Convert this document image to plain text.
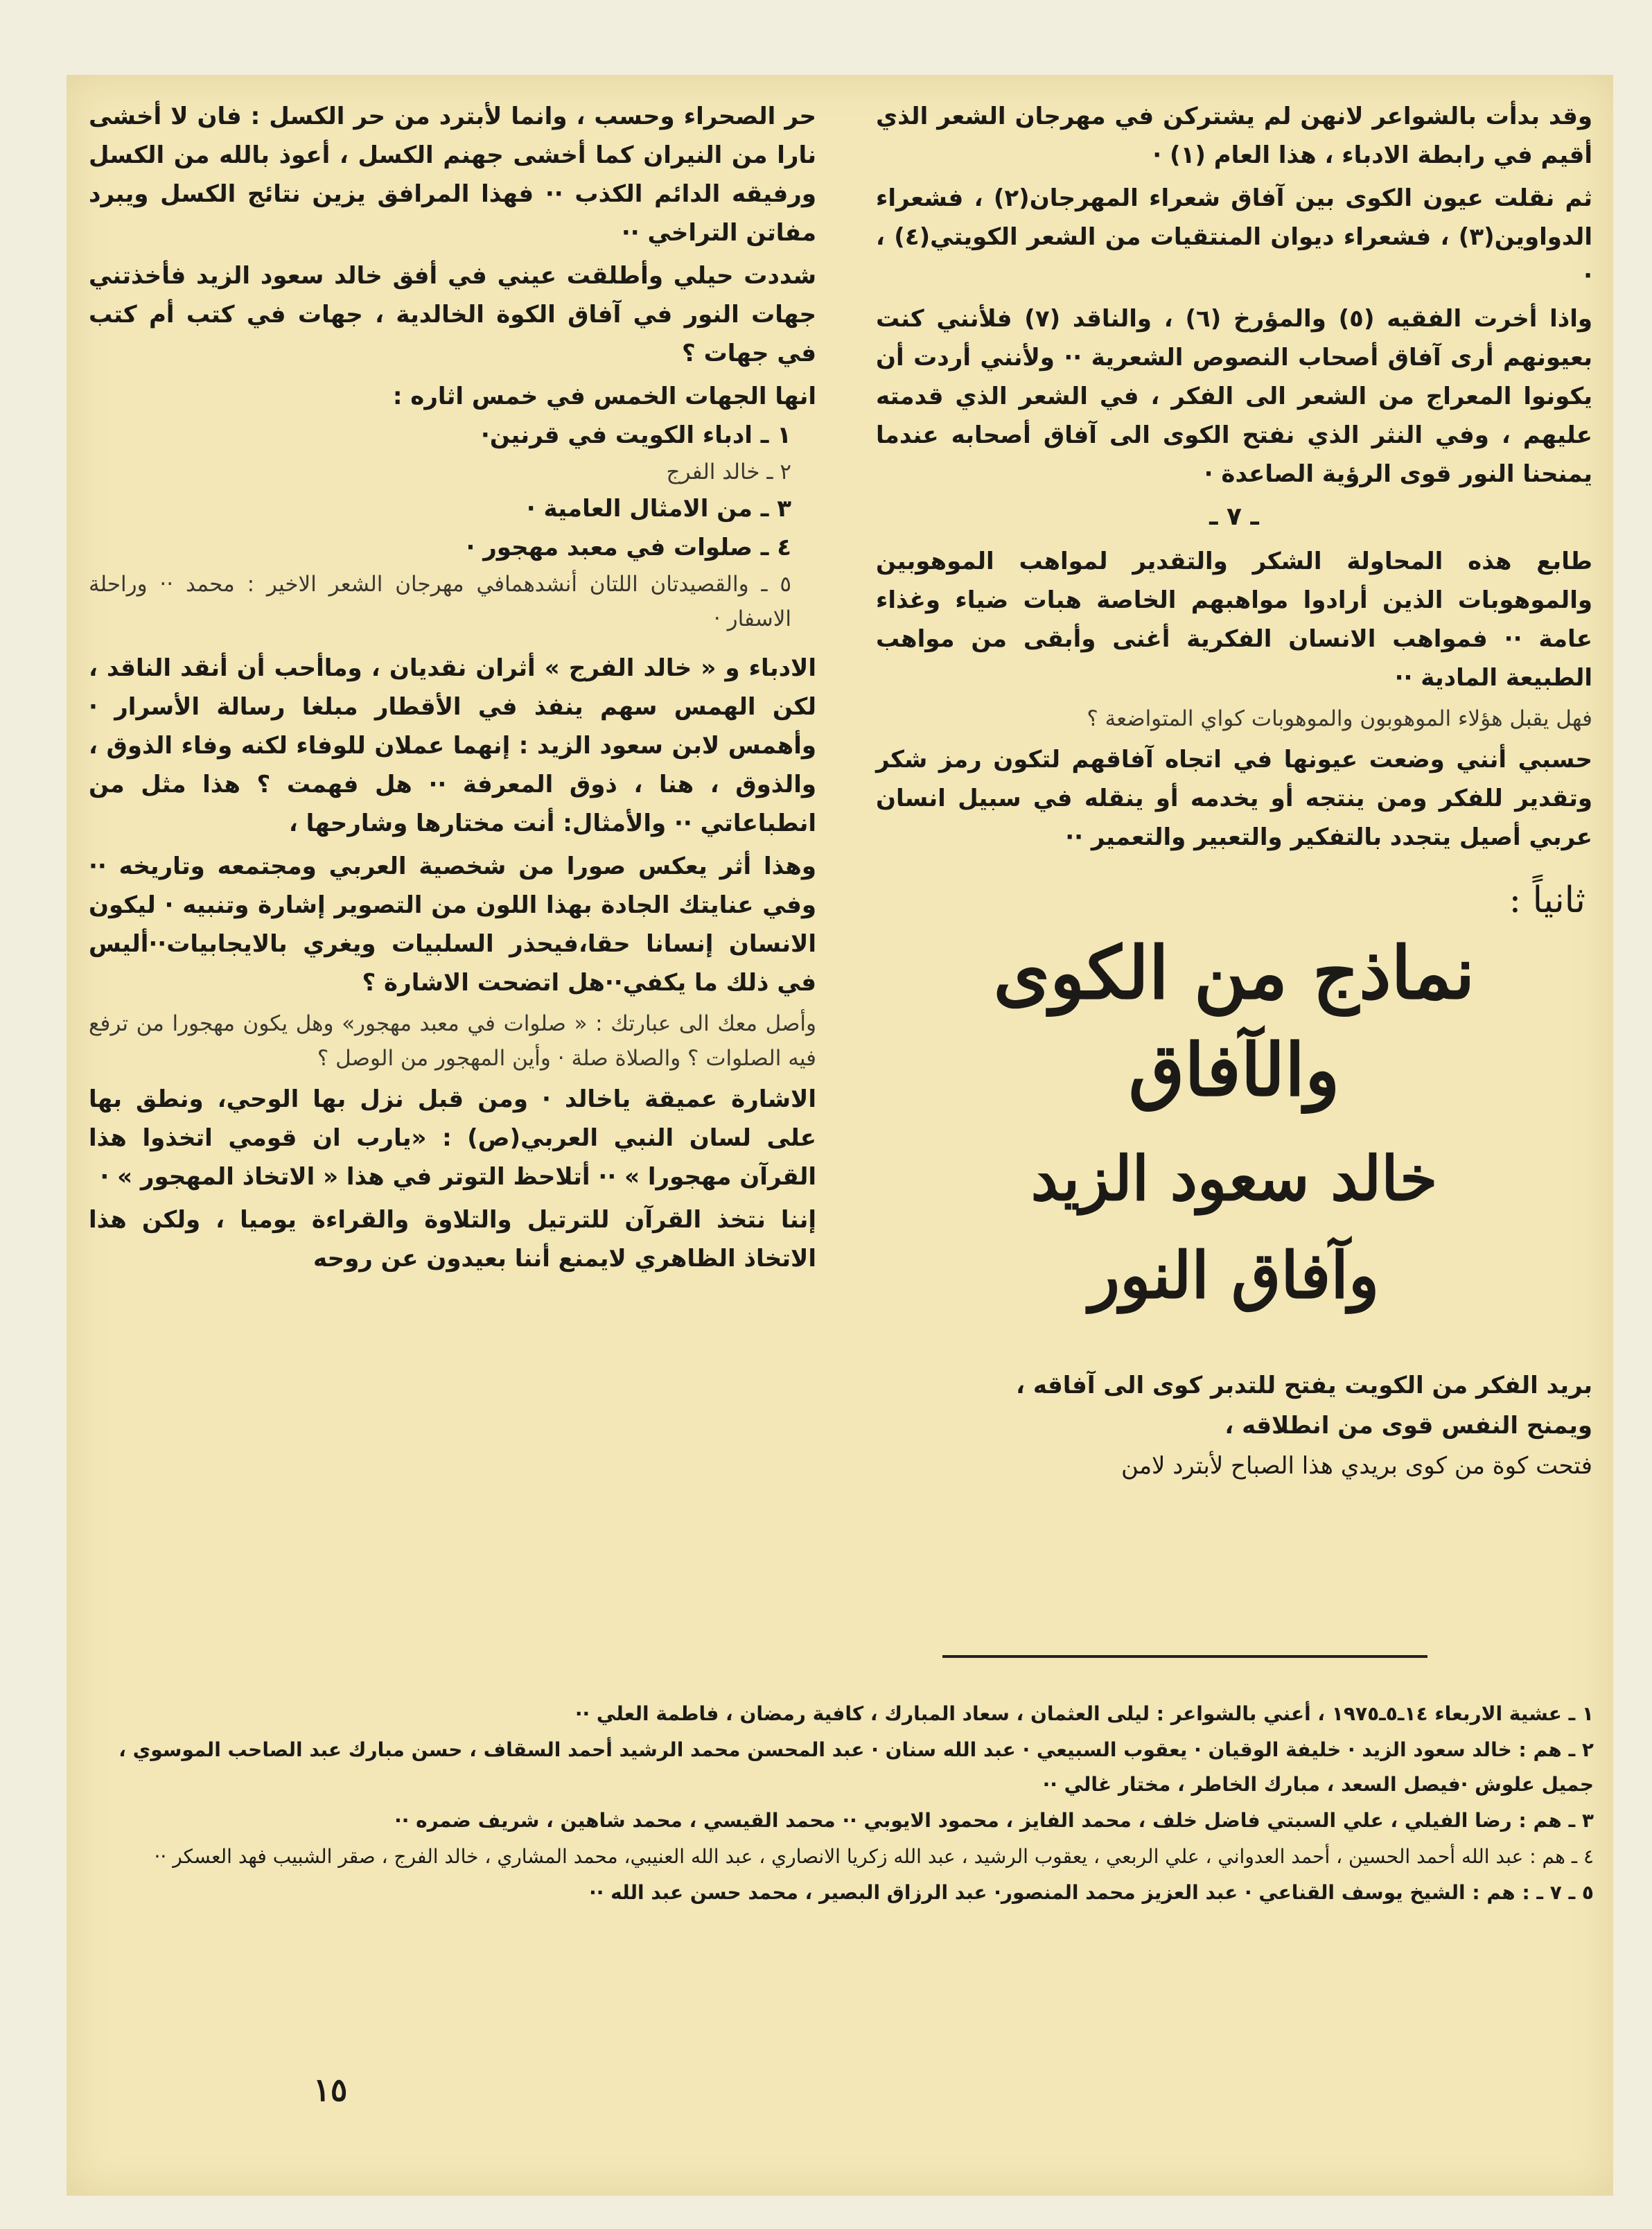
وقد بدأت بالشواعر لانهن لم يشتركن في مهرجان الشعر الذي أقيم في رابطة الادباء ، هذا العام (١) ·

ثم نقلت عيون الكوى بين آفاق شعراء المهرجان(٢) ، فشعراء الدواوين(٣) ، فشعراء ديوان المنتقيات من الشعر الكويتي(٤) ، ·

واذا أخرت الفقيه (٥) والمؤرخ (٦) ، والناقد (٧) فلأنني كنت بعيونهم أرى آفاق أصحاب النصوص الشعرية ·· ولأنني أردت أن يكونوا المعراج من الشعر الى الفكر ، في الشعر الذي قدمته عليهم ، وفي النثر الذي نفتح الكوى الى آفاق أصحابه عندما يمنحنا النور قوى الرؤية الصاعدة ·

ـ ٧ ـ

طابع هذه المحاولة الشكر والتقدير لمواهب الموهوبين والموهوبات الذين أرادوا مواهبهم الخاصة هبات ضياء وغذاء عامة ·· فمواهب الانسان الفكرية أغنى وأبقى من مواهب الطبيعة المادية ··

فهل يقبل هؤلاء الموهوبون والموهوبات كواي المتواضعة ؟

حسبي أنني وضعت عيونها في اتجاه آفاقهم لتكون رمز شكر وتقدير للفكر ومن ينتجه أو يخدمه أو ينقله في سبيل انسان عربي أصيل يتجدد بالتفكير والتعبير والتعمير ··

ثانياً :
نماذج من الكوى والآفاق
خالد سعود الزيد
وآفاق النور

بريد الفكر من الكويت يفتح للتدبر كوى الى آفاقه ،

ويمنح النفس قوى من انطلاقه ،

فتحت كوة من كوى بريدي هذا الصباح لأبترد لامن

حر الصحراء وحسب ، وانما لأبترد من حر الكسل : فان لا أخشى نارا من النيران كما أخشى جهنم الكسل ، أعوذ بالله من الكسل ورفيقه الدائم الكذب ·· فهذا المرافق يزين نتائج الكسل ويبرد مفاتن التراخي ··

شددت حيلي وأطلقت عيني في أفق خالد سعود الزيد فأخذتني جهات النور في آفاق الكوة الخالدية ، جهات في كتب أم كتب في جهات ؟

انها الجهات الخمس في خمس اثاره :

١ ـ ادباء الكويت في قرنين·

٢ ـ خالد الفرج

٣ ـ من الامثال العامية ·

٤ ـ صلوات في معبد مهجور ·

٥ ـ والقصيدتان اللتان أنشدهمافي مهرجان الشعر الاخير : محمد ·· وراحلة الاسفار ·

الادباء و « خالد الفرج » أثران نقديان ، وماأحب أن أنقد الناقد ، لكن الهمس سهم ينفذ في الأقطار مبلغا رسالة الأسرار · وأهمس لابن سعود الزيد : إنهما عملان للوفاء لكنه وفاء الذوق ، والذوق ، هنا ، ذوق المعرفة ·· هل فهمت ؟ هذا مثل من انطباعاتي ·· والأمثال: أنت مختارها وشارحها ،

وهذا أثر يعكس صورا من شخصية العربي ومجتمعه وتاريخه ·· وفي عنايتك الجادة بهذا اللون من التصوير إشارة وتنبيه · ليكون الانسان إنسانا حقا،فيحذر السلبيات ويغري بالايجابيات··أليس في ذلك ما يكفي··هل اتضحت الاشارة ؟

وأصل معك الى عبارتك : « صلوات في معبد مهجور» وهل يكون مهجورا من ترفع فيه الصلوات ؟ والصلاة صلة · وأين المهجور من الوصل ؟

الاشارة عميقة ياخالد · ومن قبل نزل بها الوحي، ونطق بها على لسان النبي العربي(ص) : «يارب ان قومي اتخذوا هذا القرآن مهجورا » ·· أتلاحظ التوتر في هذا « الاتخاذ المهجور » ·

إننا نتخذ القرآن للترتيل والتلاوة والقراءة يوميا ، ولكن هذا الاتخاذ الظاهري لايمنع أننا بعيدون عن روحه

١ ـ عشية الاربعاء ١٤ـ٥ـ١٩٧٥ ، أعني بالشواعر : ليلى العثمان ، سعاد المبارك ، كافية رمضان ، فاطمة العلي ··

٢ ـ هم : خالد سعود الزيد · خليفة الوقيان · يعقوب السبيعي · عبد الله سنان · عبد المحسن محمد الرشيد أحمد السقاف ، حسن مبارك عبد الصاحب الموسوي ، جميل علوش ·فيصل السعد ، مبارك الخاطر ، مختار غالي ··

٣ ـ هم : رضا الفيلي ، علي السبتي فاضل خلف ، محمد الفايز ، محمود الايوبي ·· محمد القيسي ، محمد شاهين ، شريف ضمره ··

٤ ـ هم : عبد الله أحمد الحسين ، أحمد العدواني ، علي الربعي ، يعقوب الرشيد ، عبد الله زكريا الانصاري ، عبد الله العنيبي، محمد المشاري ، خالد الفرج ، صقر الشبيب فهد العسكر ··

٥ ـ ٧ ـ : هم : الشيخ يوسف القناعي · عبد العزيز محمد المنصور· عبد الرزاق البصير ، محمد حسن عبد الله ··

١٥
